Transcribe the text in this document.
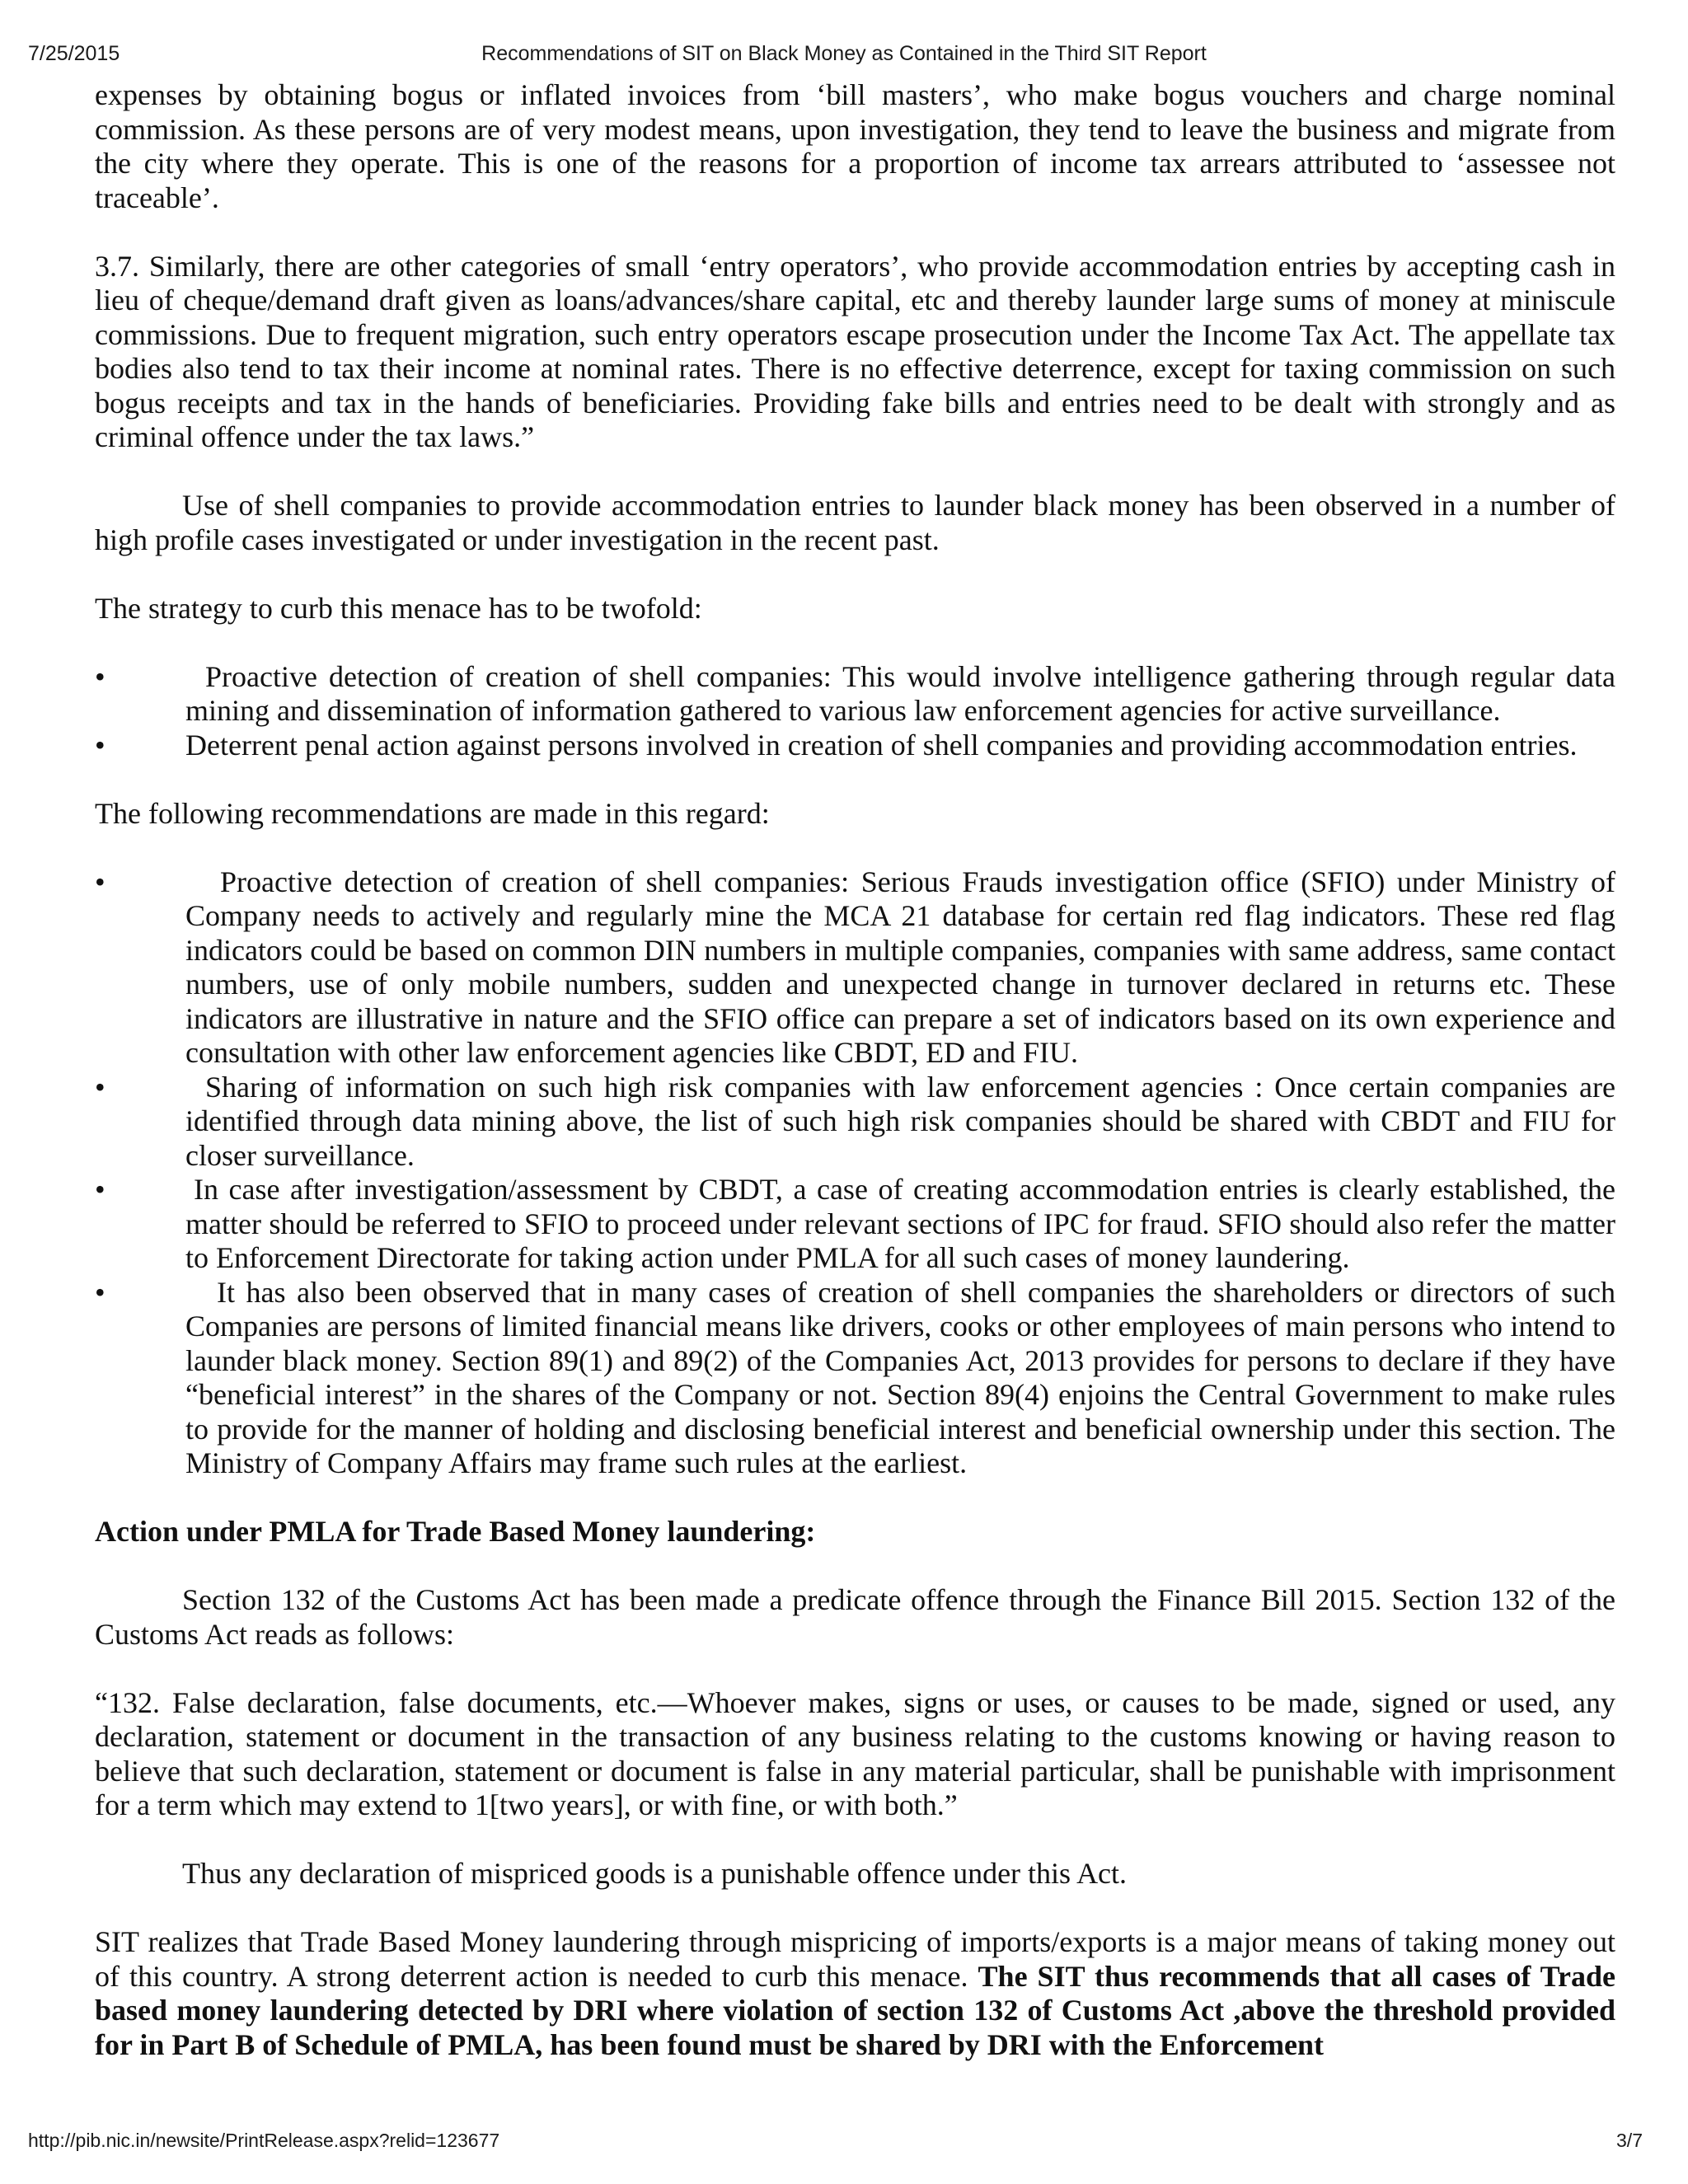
Recommendations of SIT on Black Money as Contained in the Third SIT Report
7/25/2015

expenses by obtaining bogus or inflated invoices from ‘bill masters’, who make bogus vouchers and charge nominal commission. As these persons are of very modest means, upon investigation, they tend to leave the business and migrate from the city where they operate. This is one of the reasons for a proportion of income tax arrears attributed to ‘assessee not traceable’.

3.7. Similarly, there are other categories of small ‘entry operators’, who provide accommodation entries by accepting cash in lieu of cheque/demand draft given as loans/advances/share capital, etc and thereby launder large sums of money at miniscule commissions. Due to frequent migration, such entry operators escape prosecution under the Income Tax Act. The appellate tax bodies also tend to tax their income at nominal rates. There is no effective deterrence, except for taxing commission on such bogus receipts and tax in the hands of beneficiaries. Providing fake bills and entries need to be dealt with strongly and as criminal offence under the tax laws.”

Use of shell companies to provide accommodation entries to launder black money has been observed in a number of high profile cases investigated or under investigation in the recent past.

The strategy to curb this menace has to be twofold:

•	Proactive detection of creation of shell companies: This would involve intelligence gathering through regular data mining and dissemination of information gathered to various law enforcement agencies for active surveillance.
•	Deterrent penal action against persons involved in creation of shell companies and providing accommodation entries.

The following recommendations are made in this regard:

•	Proactive detection of creation of shell companies: Serious Frauds investigation office (SFIO) under Ministry of Company needs to actively and regularly mine the MCA 21 database for certain red flag indicators. These red flag indicators could be based on common DIN numbers in multiple companies, companies with same address, same contact numbers, use of only mobile numbers, sudden and unexpected change in turnover declared in returns etc. These indicators are illustrative in nature and the SFIO office can prepare a set of indicators based on its own experience and consultation with other law enforcement agencies like CBDT, ED and FIU.
•	Sharing of information on such high risk companies with law enforcement agencies : Once certain companies are identified through data mining above, the list of such high risk companies should be shared with CBDT and FIU for closer surveillance.
•	In case after investigation/assessment by CBDT, a case of creating accommodation entries is clearly established, the matter should be referred to SFIO to proceed under relevant sections of IPC for fraud. SFIO should also refer the matter to Enforcement Directorate for taking action under PMLA for all such cases of money laundering.
•	It has also been observed that in many cases of creation of shell companies the shareholders or directors of such Companies are persons of limited financial means like drivers, cooks or other employees of main persons who intend to launder black money. Section 89(1) and 89(2) of the Companies Act, 2013 provides for persons to declare if they have “beneficial interest” in the shares of the Company or not. Section 89(4) enjoins the Central Government to make rules to provide for the manner of holding and disclosing beneficial interest and beneficial ownership under this section. The Ministry of Company Affairs may frame such rules at the earliest.

Action under PMLA for Trade Based Money laundering:

Section 132 of the Customs Act has been made a predicate offence through the Finance Bill 2015. Section 132 of the Customs Act reads as follows:

“132. False declaration, false documents, etc.—Whoever makes, signs or uses, or causes to be made, signed or used, any declaration, statement or document in the transaction of any business relating to the customs knowing or having reason to believe that such declaration, statement or document is false in any material particular, shall be punishable with imprisonment for a term which may extend to 1[two years], or with fine, or with both.”

Thus any declaration of mispriced goods is a punishable offence under this Act.

SIT realizes that Trade Based Money laundering through mispricing of imports/exports is a major means of taking money out of this country. A strong deterrent action is needed to curb this menace. The SIT thus recommends that all cases of Trade based money laundering detected by DRI where violation of section 132 of Customs Act ,above the threshold provided for in Part B of Schedule of PMLA, has been found must be shared by DRI with the Enforcement

http://pib.nic.in/newsite/PrintRelease.aspx?relid=123677	3/7
